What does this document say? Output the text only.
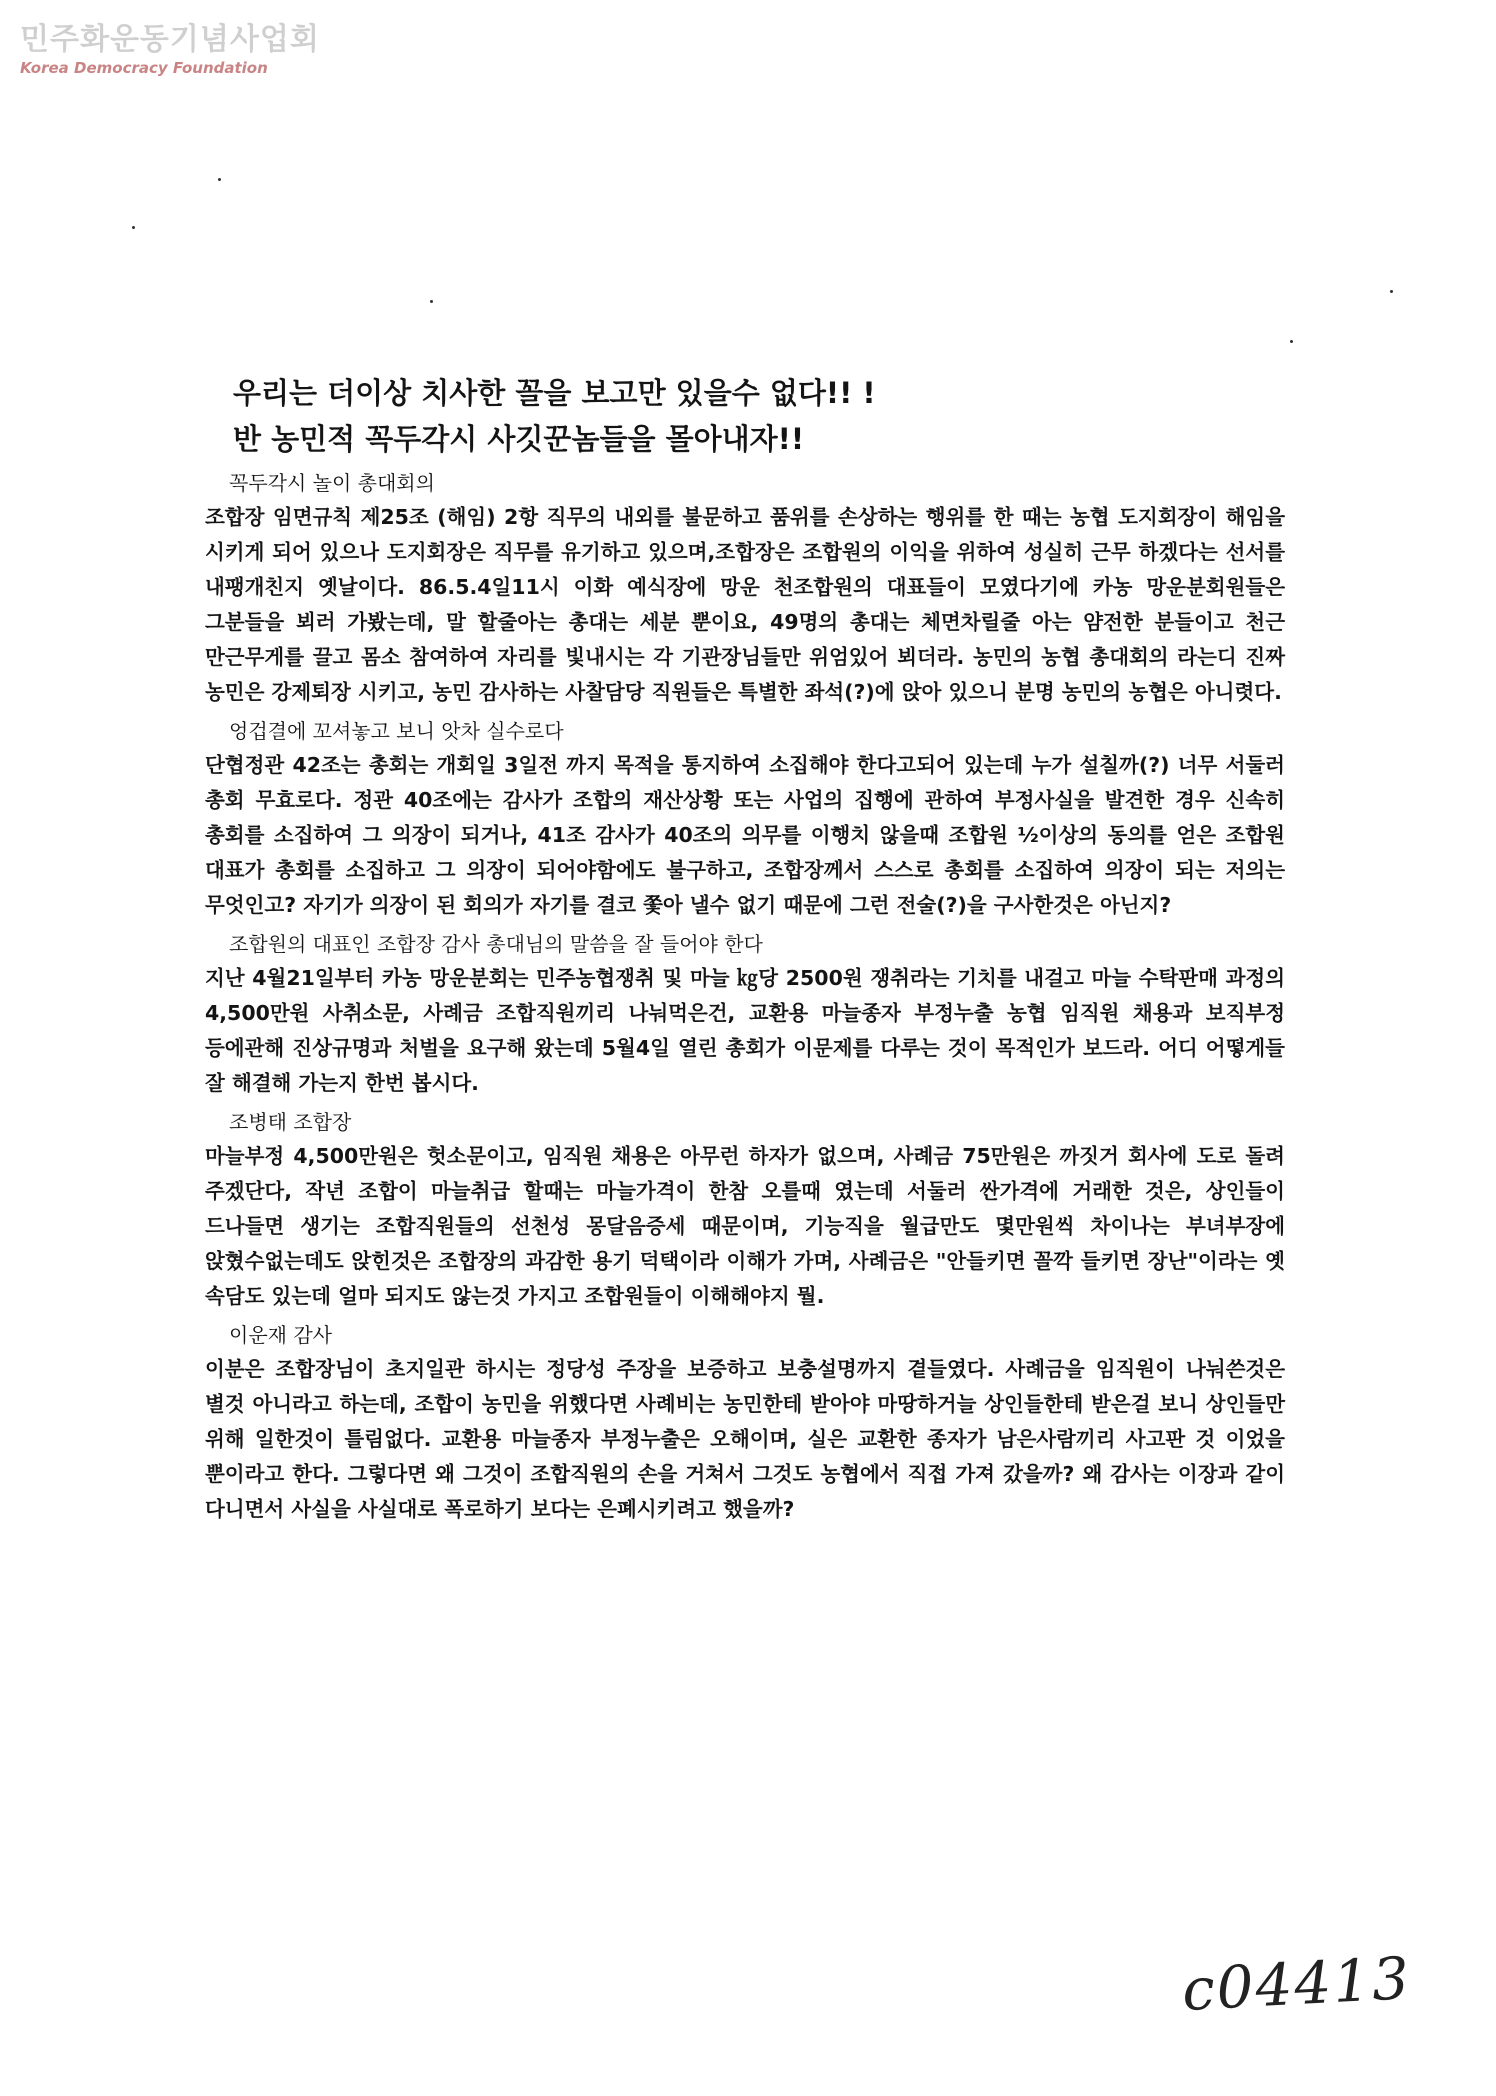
민주화운동기념사업회
Korea Democracy Foundation
우리는 더이상 치사한 꼴을 보고만 있을수 없다!! !
반 농민적 꼭두각시 사깃꾼놈들을 몰아내자!!
꼭두각시 놀이 총대회의

조합장 임면규칙 제25조 (해임) 2항 직무의 내외를 불문하고 품위를 손상하는 행위를 한 때는 농협 도지회장이 해임을 시키게 되어 있으나 도지회장은 직무를 유기하고 있으며,조합장은 조합원의 이익을 위하여 성실히 근무 하겠다는 선서를 내팽개친지 옛날이다. 86.5.4일11시 이화 예식장에 망운 천조합원의 대표들이 모였다기에 카농 망운분회원들은 그분들을 뵈러 가봤는데, 말 할줄아는 총대는 세분 뿐이요, 49명의 총대는 체면차릴줄 아는 얌전한 분들이고 천근 만근무게를 끌고 몸소 참여하여 자리를 빛내시는 각 기관장님들만 위엄있어 뵈더라. 농민의 농협 총대회의 라는디 진짜 농민은 강제퇴장 시키고, 농민 감사하는 사찰담당 직원들은 특별한 좌석(?)에 앉아 있으니 분명 농민의 농협은 아니렷다.

엉겁결에 꼬셔놓고 보니 앗차 실수로다

단협정관 42조는 총회는 개회일 3일전 까지 목적을 통지하여 소집해야 한다고되어 있는데 누가 설칠까(?) 너무 서둘러 총회 무효로다. 정관 40조에는 감사가 조합의 재산상황 또는 사업의 집행에 관하여 부정사실을 발견한 경우 신속히 총회를 소집하여 그 의장이 되거나, 41조 감사가 40조의 의무를 이행치 않을때 조합원 ½이상의 동의를 얻은 조합원 대표가 총회를 소집하고 그 의장이 되어야함에도 불구하고, 조합장께서 스스로 총회를 소집하여 의장이 되는 저의는 무엇인고? 자기가 의장이 된 회의가 자기를 결코 쫓아 낼수 없기 때문에 그런 전술(?)을 구사한것은 아닌지?

조합원의 대표인 조합장 감사 총대님의 말씀을 잘 들어야 한다

지난 4월21일부터 카농 망운분회는 민주농협쟁취 및 마늘 ㎏당 2500원 쟁취라는 기치를 내걸고 마늘 수탁판매 과정의 4,500만원 사취소문, 사례금 조합직원끼리 나눠먹은건, 교환용 마늘종자 부정누출 농협 임직원 채용과 보직부정 등에관해 진상규명과 처벌을 요구해 왔는데 5월4일 열린 총회가 이문제를 다루는 것이 목적인가 보드라. 어디 어떻게들 잘 해결해 가는지 한번 봅시다.

조병태 조합장

마늘부정 4,500만원은 헛소문이고, 임직원 채용은 아무런 하자가 없으며, 사례금 75만원은 까짓거 회사에 도로 돌려 주겠단다, 작년 조합이 마늘취급 할때는 마늘가격이 한참 오를때 였는데 서둘러 싼가격에 거래한 것은, 상인들이 드나들면 생기는 조합직원들의 선천성 몽달음증세 때문이며, 기능직을 월급만도 몇만원씩 차이나는 부녀부장에 앉혔수없는데도 앉힌것은 조합장의 과감한 용기 덕택이라 이해가 가며, 사례금은 "안들키면 꼴깍 들키면 장난"이라는 옛 속담도 있는데 얼마 되지도 않는것 가지고 조합원들이 이해해야지 뭘.

이운재 감사

이분은 조합장님이 초지일관 하시는 정당성 주장을 보증하고 보충설명까지 곁들였다. 사례금을 임직원이 나눠쓴것은 별것 아니라고 하는데, 조합이 농민을 위했다면 사례비는 농민한테 받아야 마땅하거늘 상인들한테 받은걸 보니 상인들만 위해 일한것이 틀림없다. 교환용 마늘종자 부정누출은 오해이며, 실은 교환한 종자가 남은사람끼리 사고판 것 이었을 뿐이라고 한다. 그렇다면 왜 그것이 조합직원의 손을 거쳐서 그것도 농협에서 직접 가져 갔을까? 왜 감사는 이장과 같이 다니면서 사실을 사실대로 폭로하기 보다는 은폐시키려고 했을까?

c04413
